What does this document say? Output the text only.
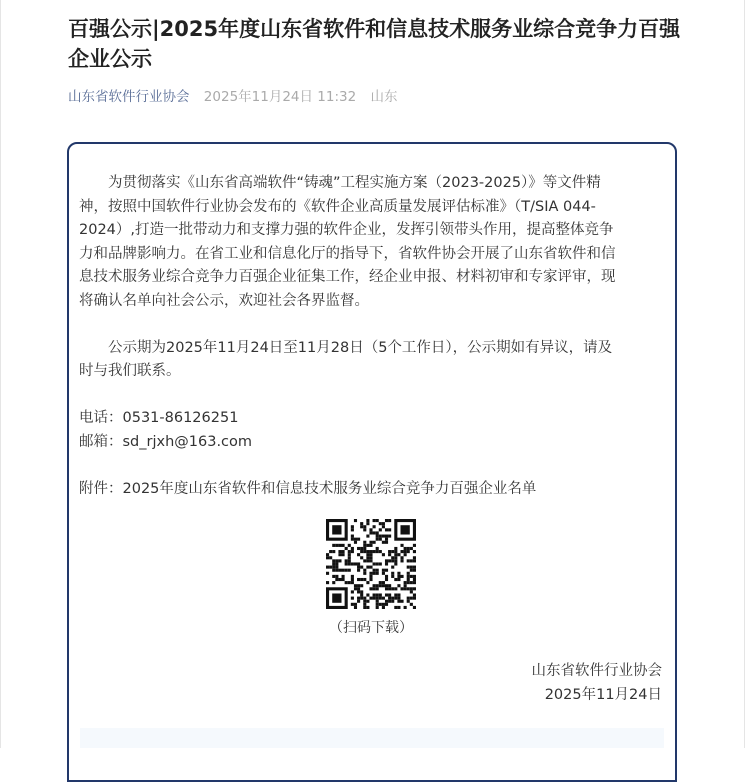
百强公示|2025年度山东省软件和信息技术服务业综合竞争力百强企业公示
山东省软件行业协会 2025年11月24日 11:32 山东
　　为贯彻落实《山东省高端软件“铸魂”工程实施方案（2023-2025）》等文件精
神，按照中国软件行业协会发布的《软件企业高质量发展评估标准》（T/SIA 044-
2024）,打造一批带动力和支撑力强的软件企业，发挥引领带头作用，提高整体竞争
力和品牌影响力。在省工业和信息化厅的指导下，省软件协会开展了山东省软件和信
息技术服务业综合竞争力百强企业征集工作，经企业申报、材料初审和专家评审，现
将确认名单向社会公示，欢迎社会各界监督。
　　公示期为2025年11月24日至11月28日（5个工作日），公示期如有异议，请及
时与我们联系。
电话：0531-86126251
邮箱：sd_rjxh@163.com
附件：2025年度山东省软件和信息技术服务业综合竞争力百强企业名单
（扫码下载）
山东省软件行业协会
2025年11月24日
